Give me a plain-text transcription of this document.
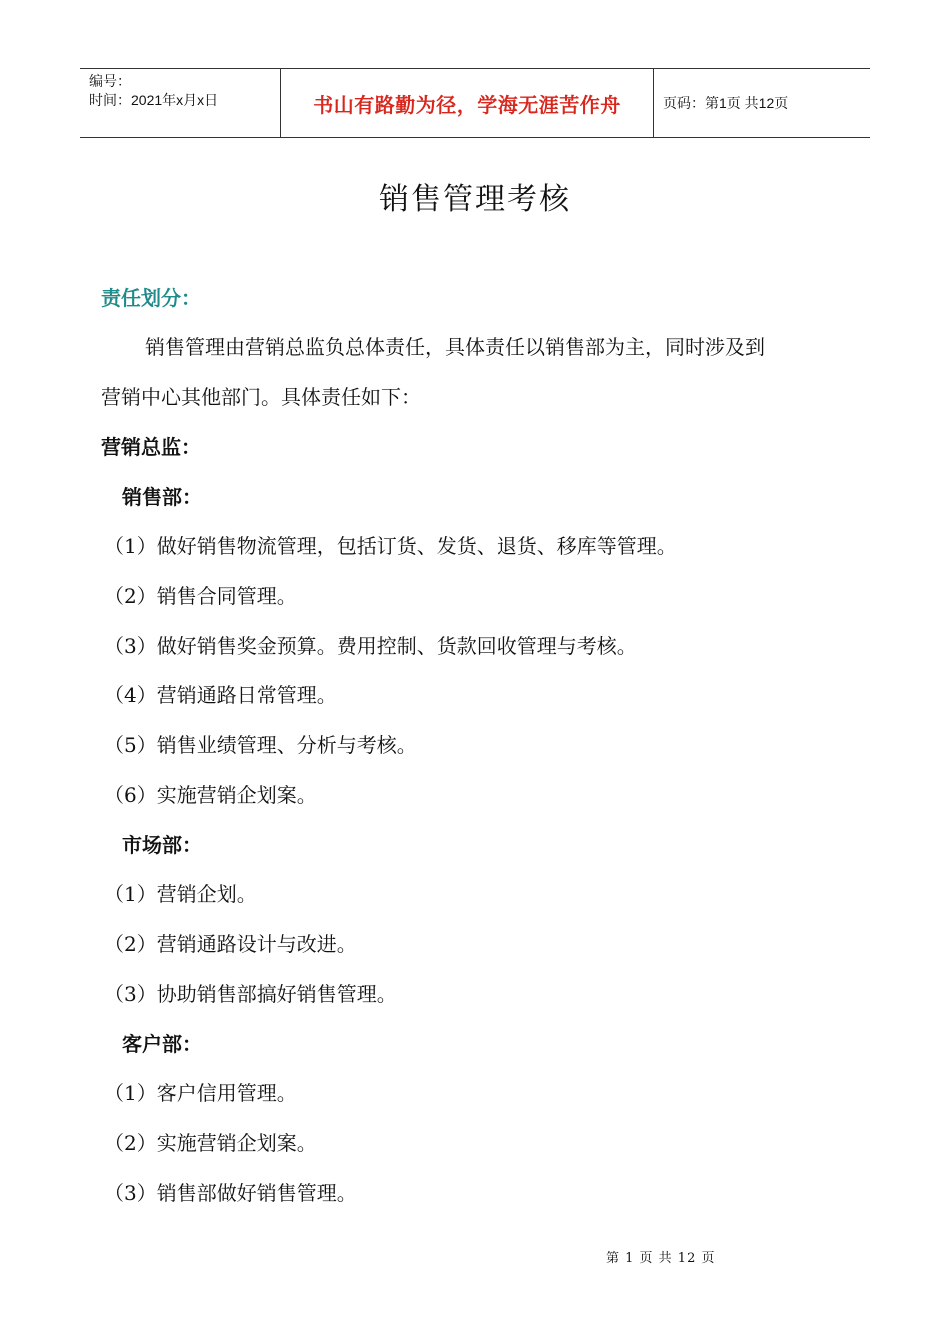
编号：
时间：2021年x月x日	书山有路勤为径，学海无涯苦作舟	页码：第1页 共12页
销售管理考核
责任划分：
销售管理由营销总监负总体责任，具体责任以销售部为主，同时涉及到
营销中心其他部门。具体责任如下：
营销总监：
销售部：
（1）做好销售物流管理，包括订货、发货、退货、移库等管理。
（2）销售合同管理。
（3）做好销售奖金预算。费用控制、货款回收管理与考核。
（4）营销通路日常管理。
（5）销售业绩管理、分析与考核。
（6）实施营销企划案。
市场部：
（1）营销企划。
（2）营销通路设计与改进。
（3）协助销售部搞好销售管理。
客户部：
（1）客户信用管理。
（2）实施营销企划案。
（3）销售部做好销售管理。
第 1 页 共 12 页
